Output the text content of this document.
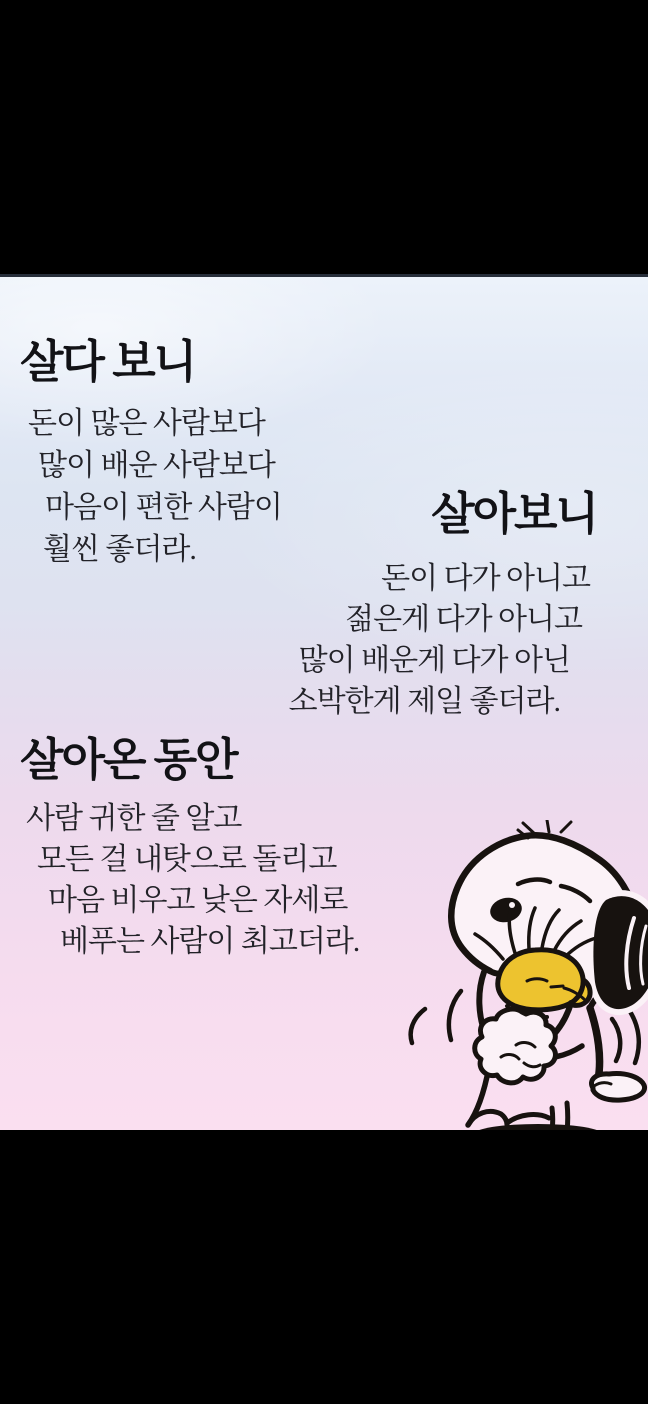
살다 보니
돈이 많은 사람보다
많이 배운 사람보다
마음이 편한 사람이
훨씬 좋더라.
살아보니
돈이 다가 아니고
젊은게 다가 아니고
많이 배운게 다가 아닌
소박한게 제일 좋더라.
살아온 동안
사람 귀한 줄 알고
모든 걸 내탓으로 돌리고
마음 비우고 낮은 자세로
베푸는 사람이 최고더라.
